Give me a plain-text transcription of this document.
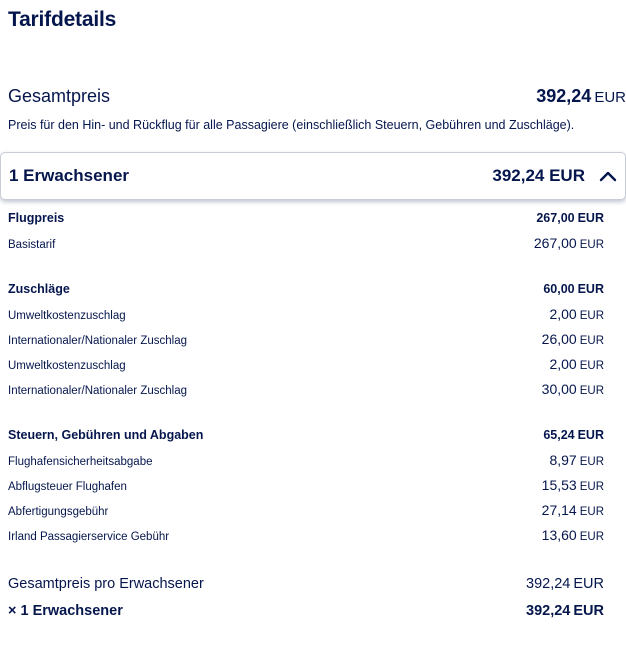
Tarifdetails
Gesamtpreis	392,24 EUR
Preis für den Hin- und Rückflug für alle Passagiere (einschließlich Steuern, Gebühren und Zuschläge).
1 Erwachsener	392,24 EUR
Flugpreis	267,00 EUR
Basistarif	267,00 EUR
Zuschläge	60,00 EUR
Umweltkostenzuschlag	2,00 EUR
Internationaler/Nationaler Zuschlag	26,00 EUR
Umweltkostenzuschlag	2,00 EUR
Internationaler/Nationaler Zuschlag	30,00 EUR
Steuern, Gebühren und Abgaben	65,24 EUR
Flughafensicherheitsabgabe	8,97 EUR
Abflugsteuer Flughafen	15,53 EUR
Abfertigungsgebühr	27,14 EUR
Irland Passagierservice Gebühr	13,60 EUR
Gesamtpreis pro Erwachsener	392,24 EUR
× 1 Erwachsener	392,24 EUR
